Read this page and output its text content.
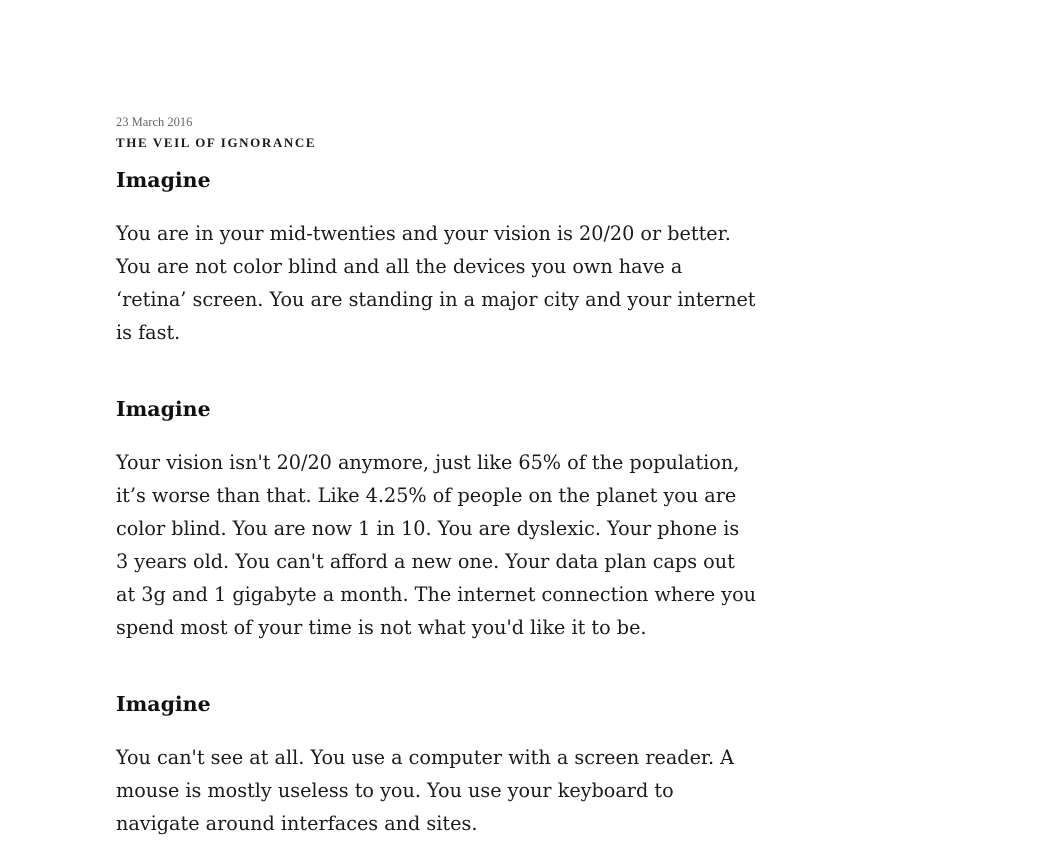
23 March 2016

THE VEIL OF IGNORANCE
Imagine

You are in your mid-twenties and your vision is 20/20 or better. You are not color blind and all the devices you own have a ‘retina’ screen. You are standing in a major city and your internet is fast.

Imagine

Your vision isn't 20/20 anymore, just like 65% of the population, it’s worse than that. Like 4.25% of people on the planet you are color blind. You are now 1 in 10. You are dyslexic. Your phone is 3 years old. You can't afford a new one. Your data plan caps out at 3g and 1 gigabyte a month. The internet connection where you spend most of your time is not what you'd like it to be.

Imagine

You can't see at all. You use a computer with a screen reader. A mouse is mostly useless to you. You use your keyboard to navigate around interfaces and sites.
